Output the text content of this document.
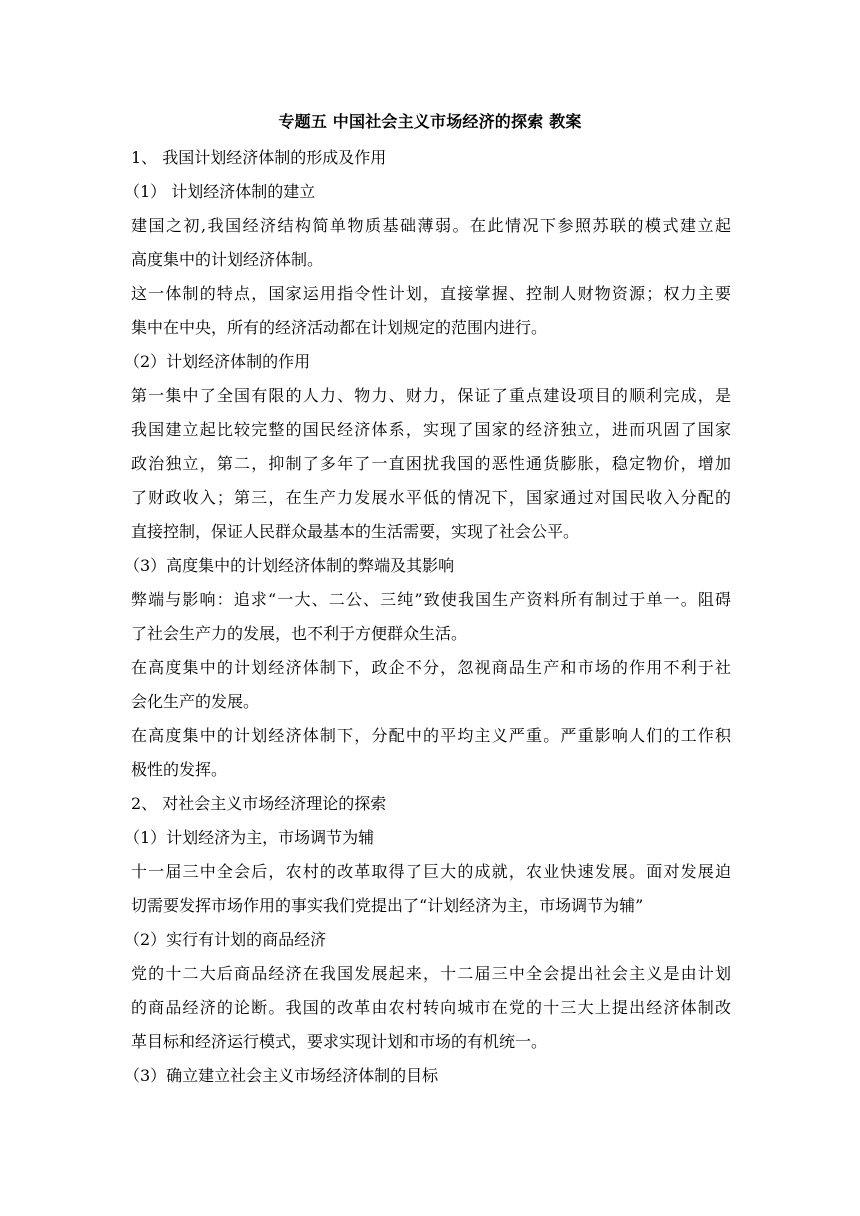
专题五 中国社会主义市场经济的探索 教案

1、 我国计划经济体制的形成及作用

（1） 计划经济体制的建立

建国之初,我国经济结构简单物质基础薄弱。在此情况下参照苏联的模式建立起

高度集中的计划经济体制。

这一体制的特点，国家运用指令性计划，直接掌握、控制人财物资源；权力主要

集中在中央，所有的经济活动都在计划规定的范围内进行。

（2）计划经济体制的作用

第一集中了全国有限的人力、物力、财力，保证了重点建设项目的顺利完成，是

我国建立起比较完整的国民经济体系，实现了国家的经济独立，进而巩固了国家

政治独立，第二，抑制了多年了一直困扰我国的恶性通货膨胀，稳定物价，增加

了财政收入；第三，在生产力发展水平低的情况下，国家通过对国民收入分配的

直接控制，保证人民群众最基本的生活需要，实现了社会公平。

（3）高度集中的计划经济体制的弊端及其影响

弊端与影响：追求“一大、二公、三纯”致使我国生产资料所有制过于单一。阻碍

了社会生产力的发展，也不利于方便群众生活。

在高度集中的计划经济体制下，政企不分，忽视商品生产和市场的作用不利于社

会化生产的发展。

在高度集中的计划经济体制下，分配中的平均主义严重。严重影响人们的工作积

极性的发挥。

2、 对社会主义市场经济理论的探索

（1）计划经济为主，市场调节为辅

十一届三中全会后，农村的改革取得了巨大的成就，农业快速发展。面对发展迫

切需要发挥市场作用的事实我们党提出了“计划经济为主，市场调节为辅”

（2）实行有计划的商品经济

党的十二大后商品经济在我国发展起来，十二届三中全会提出社会主义是由计划

的商品经济的论断。我国的改革由农村转向城市在党的十三大上提出经济体制改

革目标和经济运行模式，要求实现计划和市场的有机统一。

（3）确立建立社会主义市场经济体制的目标
